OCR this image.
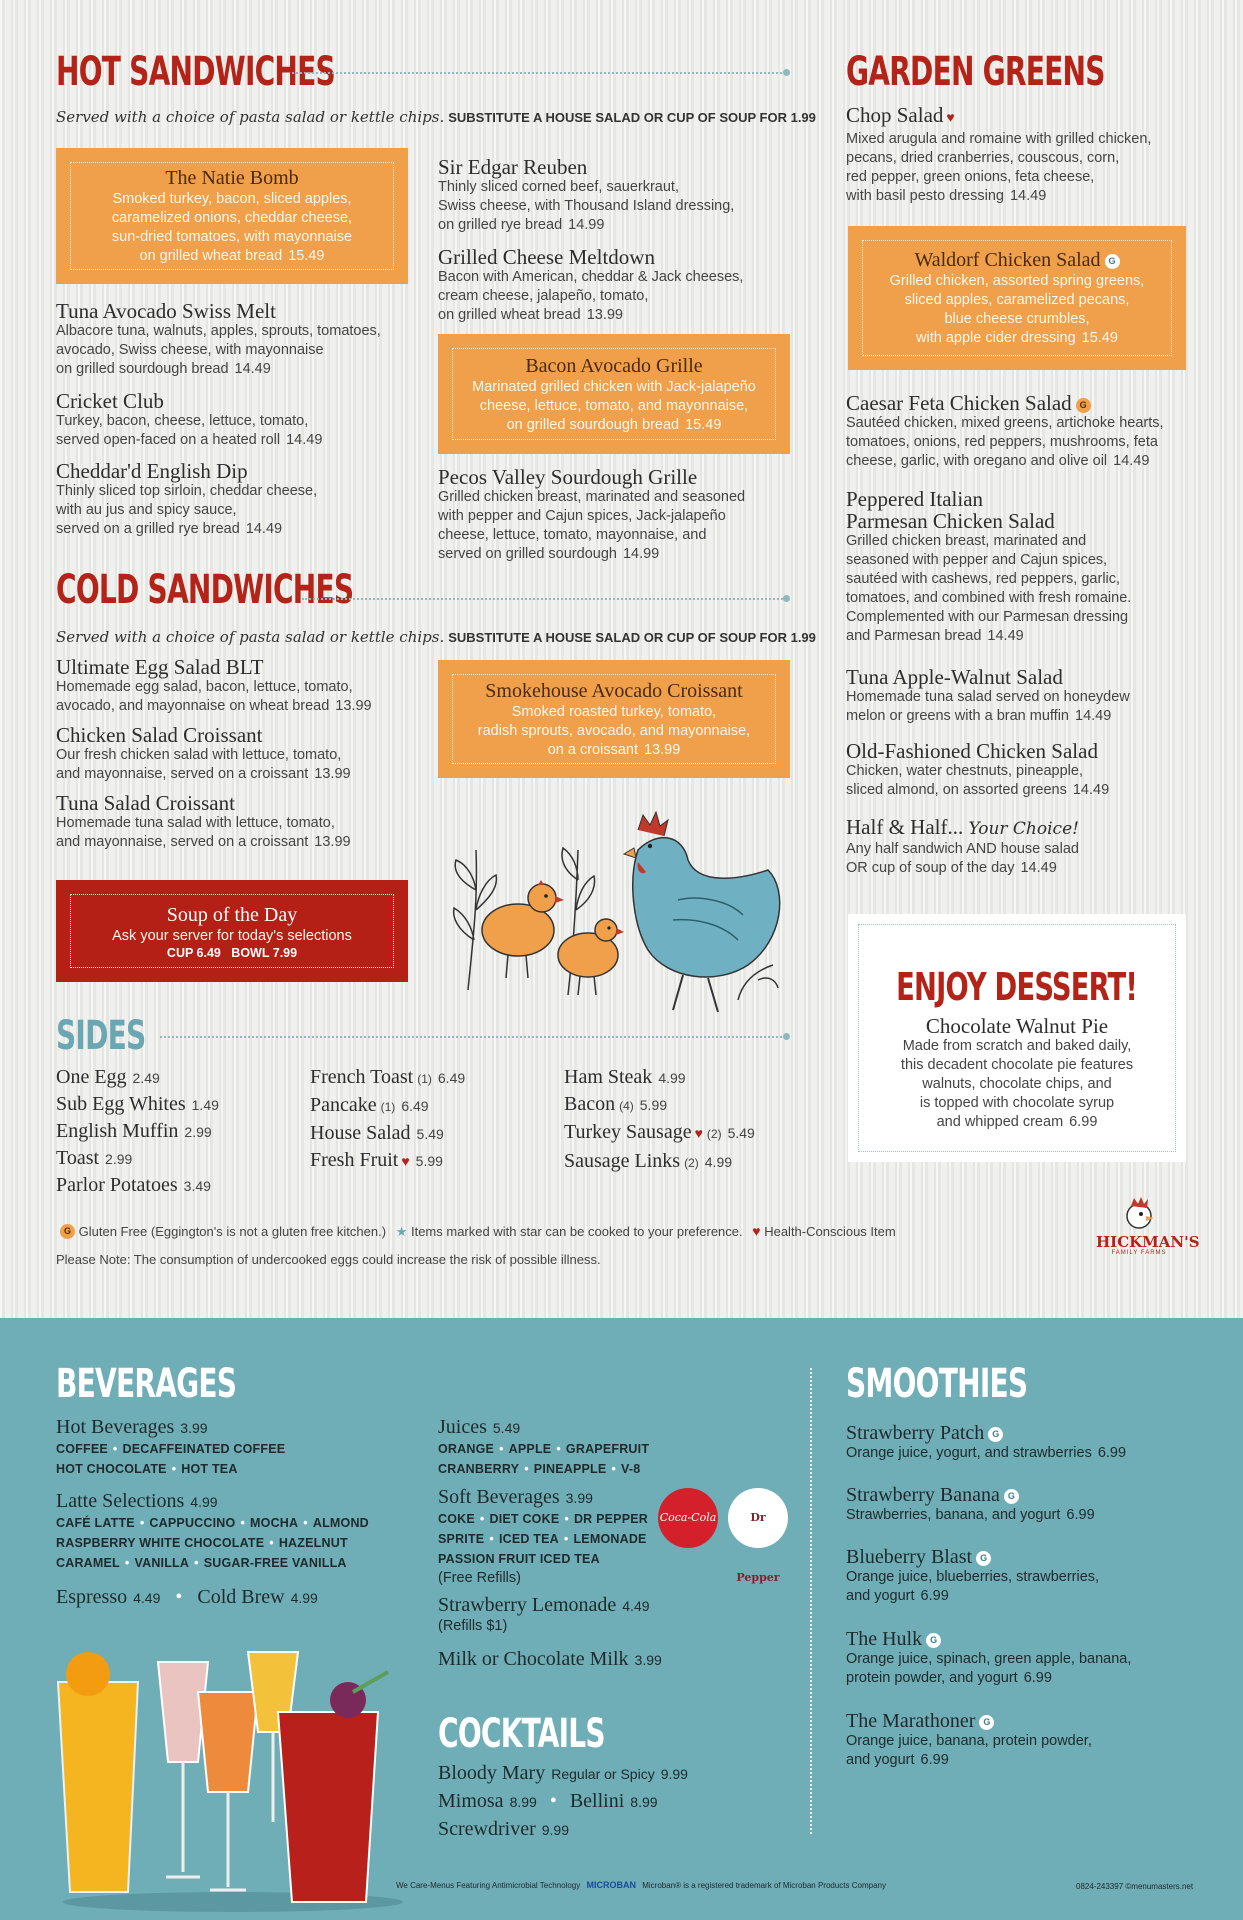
HOT SANDWICHES
Served with a choice of pasta salad or kettle chips. SUBSTITUTE A HOUSE SALAD OR CUP OF SOUP FOR 1.99
The Natie Bomb
Smoked turkey, bacon, sliced apples,
caramelized onions, cheddar cheese,
sun-dried tomatoes, with mayonnaise
on grilled wheat bread 15.49
Tuna Avocado Swiss Melt
Albacore tuna, walnuts, apples, sprouts, tomatoes,
avocado, Swiss cheese, with mayonnaise
on grilled sourdough bread 14.49
Cricket Club
Turkey, bacon, cheese, lettuce, tomato,
served open-faced on a heated roll 14.49
Cheddar'd English Dip
Thinly sliced top sirloin, cheddar cheese,
with au jus and spicy sauce,
served on a grilled rye bread 14.49
Sir Edgar Reuben
Thinly sliced corned beef, sauerkraut,
Swiss cheese, with Thousand Island dressing,
on grilled rye bread 14.99
Grilled Cheese Meltdown
Bacon with American, cheddar & Jack cheeses,
cream cheese, jalapeño, tomato,
on grilled wheat bread 13.99
Bacon Avocado Grille
Marinated grilled chicken with Jack-jalapeño
cheese, lettuce, tomato, and mayonnaise,
on grilled sourdough bread 15.49
Pecos Valley Sourdough Grille
Grilled chicken breast, marinated and seasoned
with pepper and Cajun spices, Jack-jalapeño
cheese, lettuce, tomato, mayonnaise, and
served on grilled sourdough 14.99
COLD SANDWICHES
Served with a choice of pasta salad or kettle chips. SUBSTITUTE A HOUSE SALAD OR CUP OF SOUP FOR 1.99
Ultimate Egg Salad BLT
Homemade egg salad, bacon, lettuce, tomato,
avocado, and mayonnaise on wheat bread 13.99
Chicken Salad Croissant
Our fresh chicken salad with lettuce, tomato,
and mayonnaise, served on a croissant 13.99
Tuna Salad Croissant
Homemade tuna salad with lettuce, tomato,
and mayonnaise, served on a croissant 13.99
Smokehouse Avocado Croissant
Smoked roasted turkey, tomato,
radish sprouts, avocado, and mayonnaise,
on a croissant 13.99
Soup of the Day
Ask your server for today's selections
CUP 6.49   BOWL 7.99
SIDES
One Egg 2.49
Sub Egg Whites 1.49
English Muffin 2.99
Toast 2.99
Parlor Potatoes 3.49
French Toast (1) 6.49
Pancake (1) 6.49
House Salad 5.49
Fresh Fruit ♥ 5.99
Ham Steak 4.99
Bacon (4) 5.99
Turkey Sausage ♥ (2) 5.49
Sausage Links (2) 4.99
G Gluten Free (Eggington's is not a gluten free kitchen.) ★ Items marked with star can be cooked to your preference. ♥ Health-Conscious Item
Please Note: The consumption of undercooked eggs could increase the risk of possible illness.
HICKMAN'S
FAMILY FARMS
GARDEN GREENS
Chop Salad ♥
Mixed arugula and romaine with grilled chicken,
pecans, dried cranberries, couscous, corn,
red pepper, green onions, feta cheese,
with basil pesto dressing 14.49
Waldorf Chicken Salad G
Grilled chicken, assorted spring greens,
sliced apples, caramelized pecans,
blue cheese crumbles,
with apple cider dressing 15.49
Caesar Feta Chicken Salad G
Sautéed chicken, mixed greens, artichoke hearts,
tomatoes, onions, red peppers, mushrooms, feta
cheese, garlic, with oregano and olive oil 14.49
Peppered Italian
Parmesan Chicken Salad
Grilled chicken breast, marinated and
seasoned with pepper and Cajun spices,
sautéed with cashews, red peppers, garlic,
tomatoes, and combined with fresh romaine.
Complemented with our Parmesan dressing
and Parmesan bread 14.49
Tuna Apple-Walnut Salad
Homemade tuna salad served on honeydew
melon or greens with a bran muffin 14.49
Old-Fashioned Chicken Salad
Chicken, water chestnuts, pineapple,
sliced almond, on assorted greens 14.49
Half & Half... Your Choice!
Any half sandwich AND house salad
OR cup of soup of the day 14.49
ENJOY DESSERT!
Chocolate Walnut Pie
Made from scratch and baked daily,
this decadent chocolate pie features
walnuts, chocolate chips, and
is topped with chocolate syrup
and whipped cream 6.99
BEVERAGES
Hot Beverages 3.99
COFFEE • DECAFFEINATED COFFEE
HOT CHOCOLATE • HOT TEA
Latte Selections 4.99
CAFÉ LATTE • CAPPUCCINO • MOCHA • ALMOND
RASPBERRY WHITE CHOCOLATE • HAZELNUT
CARAMEL • VANILLA • SUGAR-FREE VANILLA
Espresso 4.49 • Cold Brew 4.99
Juices 5.49
ORANGE • APPLE • GRAPEFRUIT
CRANBERRY • PINEAPPLE • V-8
Soft Beverages 3.99
COKE • DIET COKE • DR PEPPER
SPRITE • ICED TEA • LEMONADE
PASSION FRUIT ICED TEA
(Free Refills)
Coca-Cola	Dr Pepper
Strawberry Lemonade 4.49
(Refills $1)
Milk or Chocolate Milk 3.99
COCKTAILS
Bloody Mary Regular or Spicy 9.99
Mimosa 8.99 • Bellini 8.99
Screwdriver 9.99
SMOOTHIES
Strawberry Patch G
Orange juice, yogurt, and strawberries 6.99
Strawberry Banana G
Strawberries, banana, and yogurt 6.99
Blueberry Blast G
Orange juice, blueberries, strawberries,
and yogurt 6.99
The Hulk G
Orange juice, spinach, green apple, banana,
protein powder, and yogurt 6.99
The Marathoner G
Orange juice, banana, protein powder,
and yogurt 6.99
We Care-Menus Featuring Antimicrobial Technology MICROBAN Microban® is a registered trademark of Microban Products Company	0824-243397 ©menumasters.net
